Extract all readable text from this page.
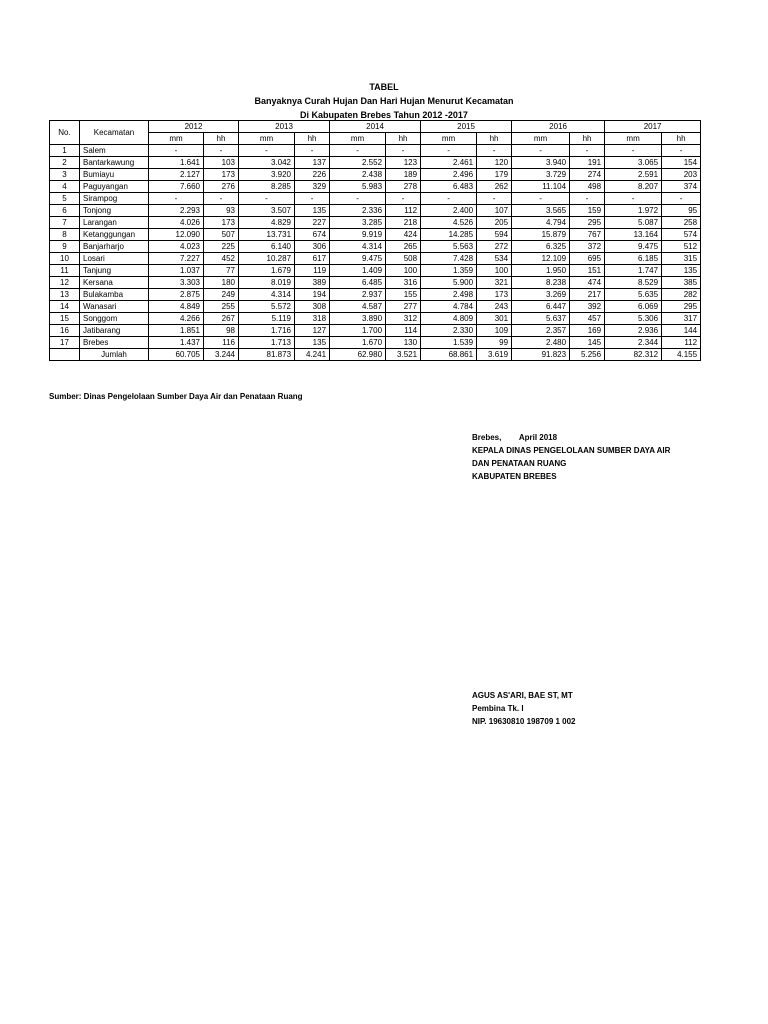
TABEL
Banyaknya Curah Hujan Dan Hari Hujan Menurut Kecamatan
Di Kabupaten Brebes Tahun 2012 -2017
No.	Kecamatan	2012		2013		2014		2015		2016		2017	
		mm	hh	mm	hh	mm	hh	mm	hh	mm	hh	mm	hh
1	Salem	-	-	-	-	-	-	-	-	-	-	-	-
2	Bantarkawung	1.641	103	3.042	137	2.552	123	2.461	120	3.940	191	3.065	154
3	Bumiayu	2.127	173	3.920	226	2.438	189	2.496	179	3.729	274	2.591	203
4	Paguyangan	7.660	276	8.285	329	5.983	278	6.483	262	11.104	498	8.207	374
5	Sirampog	-	-	-	-	-	-	-	-	-	-	-	-
6	Tonjong	2.293	93	3.507	135	2.336	112	2.400	107	3.565	159	1.972	95
7	Larangan	4.026	173	4.829	227	3.285	218	4.526	205	4.794	295	5.087	258
8	Ketanggungan	12.090	507	13.731	674	9.919	424	14.285	594	15.879	767	13.164	574
9	Banjarharjo	4.023	225	6.140	306	4.314	265	5.563	272	6.325	372	9.475	512
10	Losari	7.227	452	10.287	617	9.475	508	7.428	534	12.109	695	6.185	315
11	Tanjung	1.037	77	1.679	119	1.409	100	1.359	100	1.950	151	1.747	135
12	Kersana	3.303	180	8.019	389	6.485	316	5.900	321	8.238	474	8.529	385
13	Bulakamba	2.875	249	4.314	194	2.937	155	2.498	173	3.269	217	5.635	282
14	Wanasari	4.849	255	5.572	308	4.587	277	4.784	243	6.447	392	6.069	295
15	Songgom	4.266	267	5.119	318	3.890	312	4.809	301	5.637	457	5.306	317
16	Jatibarang	1.851	98	1.716	127	1.700	114	2.330	109	2.357	169	2.936	144
17	Brebes	1.437	116	1.713	135	1.670	130	1.539	99	2.480	145	2.344	112
	Jumlah	60.705	3.244	81.873	4.241	62.980	3.521	68.861	3.619	91.823	5.256	82.312	4.155
Sumber: Dinas Pengelolaan Sumber Daya Air dan Penataan Ruang
Brebes,        April 2018
KEPALA DINAS PENGELOLAAN SUMBER DAYA AIR
DAN PENATAAN RUANG
KABUPATEN BREBES
AGUS AS'ARI, BAE ST, MT
Pembina Tk. I
NIP. 19630810 198709 1 002
